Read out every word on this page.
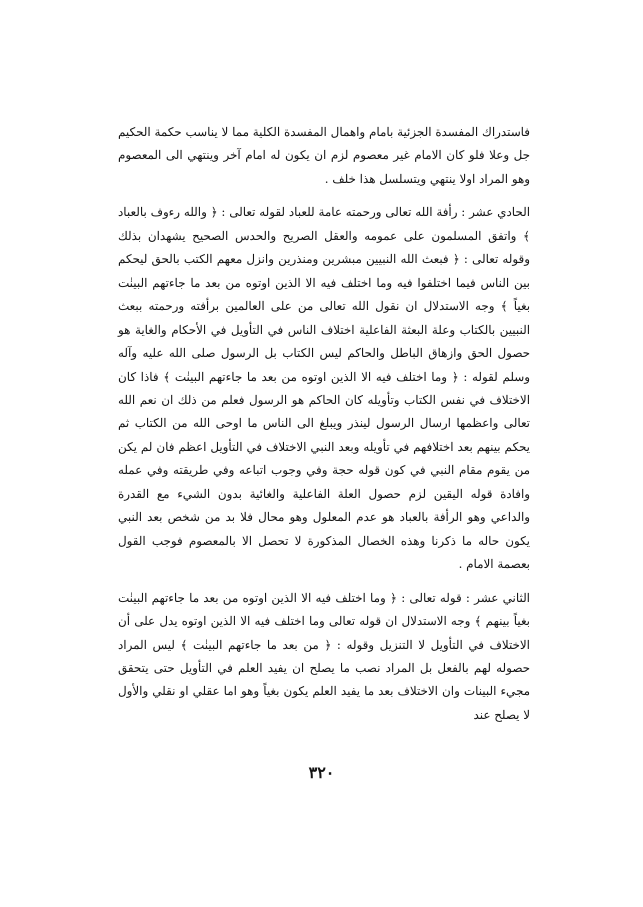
فاستدراك المفسدة الجزئية بامام واهمال المفسدة الكلية مما لا يناسب حكمة الحكيم جل وعلا فلو كان الامام غير معصوم لزم ان يكون له امام آخر وينتهي الى المعصوم وهو المراد اولا ينتهي ويتسلسل هذا خلف .

الحادي عشر : رأفة الله تعالى ورحمته عامة للعباد لقوله تعالى : ﴿ والله رءوف بالعباد ﴾ واتفق المسلمون على عمومه والعقل الصريح والحدس الصحيح يشهدان بذلك وقوله تعالى : ﴿ فبعث الله النبيين مبشرين ومنذرين وانزل معهم الكتب بالحق ليحكم بين الناس فيما اختلفوا فيه وما اختلف فيه الا الذين اوتوه من بعد ما جاءتهم البينٰت بغياً ﴾ وجه الاستدلال ان نقول الله تعالى من على العالمين برأفته ورحمته ببعث النبيين بالكتاب وعلة البعثة الفاعلية اختلاف الناس في التأويل في الأحكام والغاية هو حصول الحق وازهاق الباطل والحاكم ليس الكتاب بل الرسول صلى الله عليه وآله وسلم لقوله : ﴿ وما اختلف فيه الا الذين اوتوه من بعد ما جاءتهم البينٰت ﴾ فاذا كان الاختلاف في نفس الكتاب وتأويله كان الحاكم هو الرسول فعلم من ذلك ان نعم الله تعالى واعظمها ارسال الرسول لينذر ويبلغ الى الناس ما اوحى الله من الكتاب ثم يحكم بينهم بعد اختلافهم في تأويله وبعد النبي الاختلاف في التأويل اعظم فان لم يكن من يقوم مقام النبي في كون قوله حجة وفي وجوب اتباعه وفي طريقته وفي عمله وافادة قوله اليقين لزم حصول العلة الفاعلية والغائية بدون الشيء مع القدرة والداعي وهو الرأفة بالعباد هو عدم المعلول وهو محال فلا بد من شخص بعد النبي يكون حاله ما ذكرنا وهذه الخصال المذكورة لا تحصل الا بالمعصوم فوجب القول بعصمة الامام .

الثاني عشر : قوله تعالى : ﴿ وما اختلف فيه الا الذين اوتوه من بعد ما جاءتهم البينٰت بغياً بينهم ﴾ وجه الاستدلال ان قوله تعالى وما اختلف فيه الا الذين اوتوه يدل على أن الاختلاف في التأويل لا التنزيل وقوله : ﴿ من بعد ما جاءتهم البينٰت ﴾ ليس المراد حصوله لهم بالفعل بل المراد نصب ما يصلح ان يفيد العلم في التأويل حتى يتحقق مجيء البينات وان الاختلاف بعد ما يفيد العلم يكون بغياً وهو اما عقلي او نقلي والأول لا يصلح عند

٣٢٠
